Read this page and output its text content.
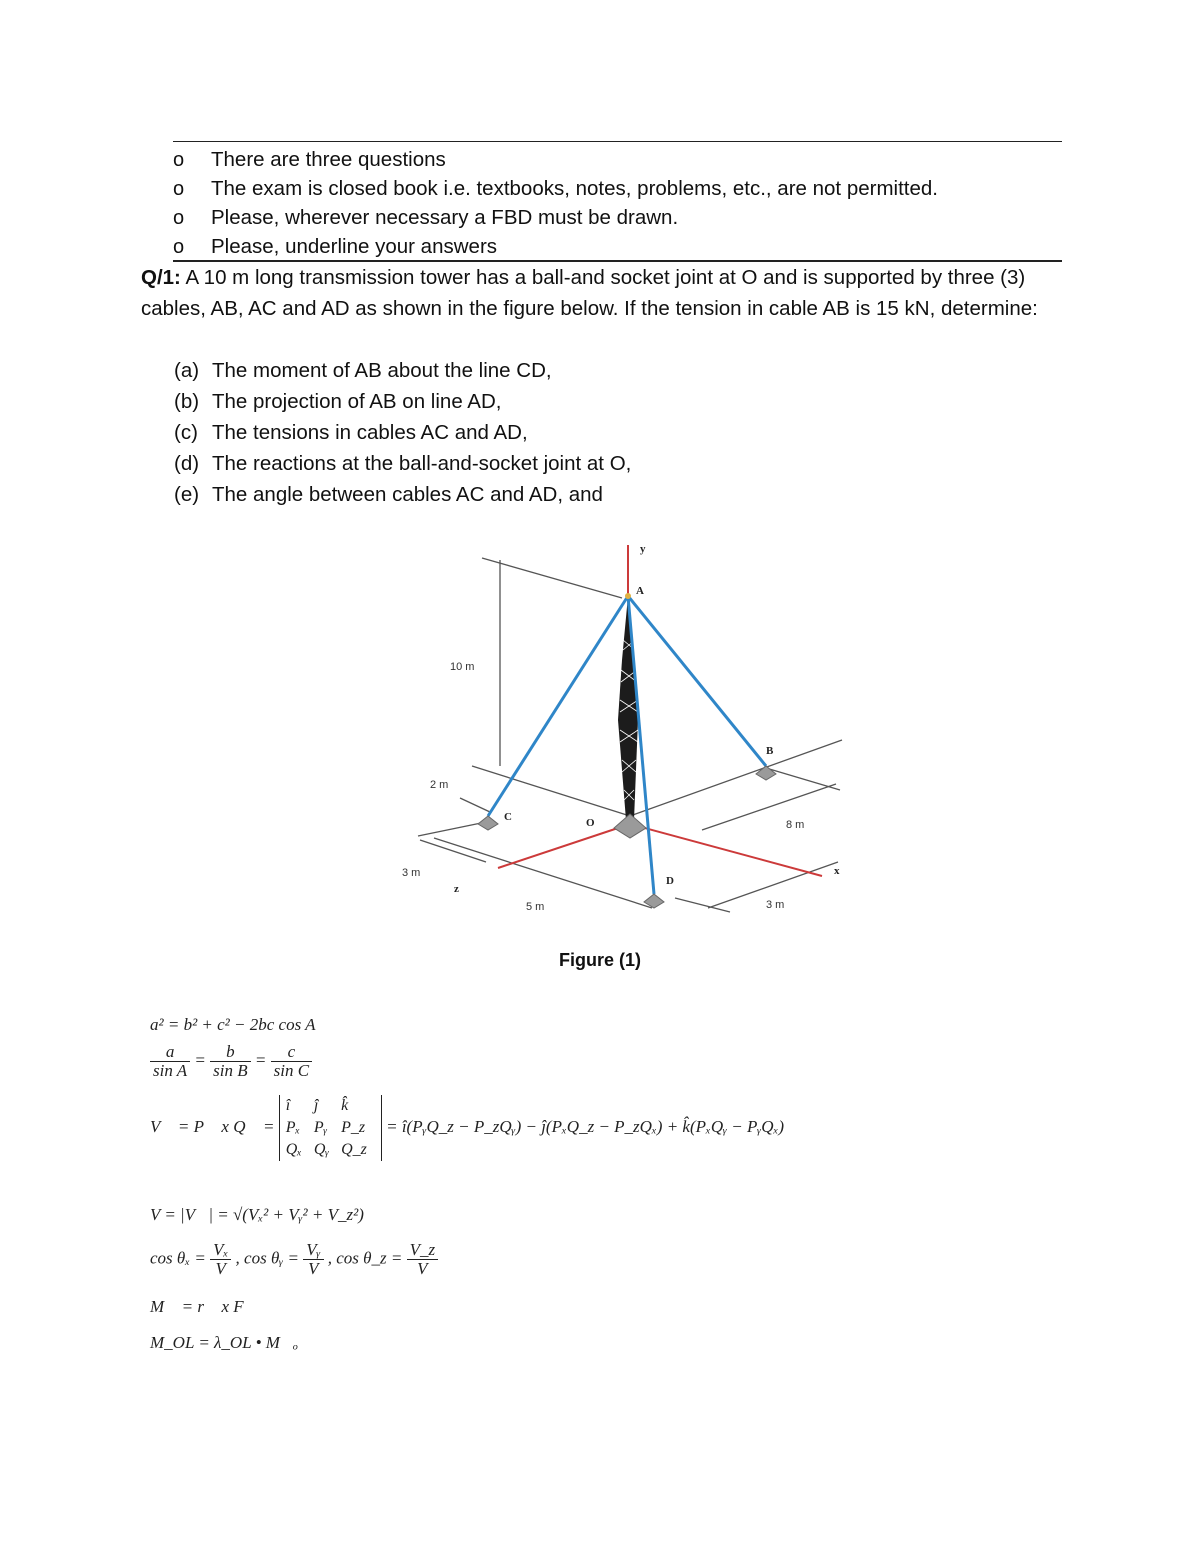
o There are three questions
o The exam is closed book i.e. textbooks, notes, problems, etc., are not permitted.
o Please, wherever necessary a FBD must be drawn.
o Please, underline your answers
Q/1: A 10 m long transmission tower has a ball-and socket joint at O and is supported by three (3) cables, AB, AC and AD as shown in the figure below. If the tension in cable AB is 15 kN, determine:
(a) The moment of AB about the line CD,
(b) The projection of AB on line AD,
(c) The tensions in cables AC and AD,
(d) The reactions at the ball-and-socket joint at O,
(e) The angle between cables AC and AD, and
y
A
B
C	O
D
x
z
10 m
2 m
3 m
5 m
8 m
3 m
Figure (1)
a² = b² + c² − 2bc cos A
$\frac{a}{\text{sin A}} = \frac{b}{\text{sin B}} = \frac{c}{\text{sin C}}$
V⃗ = P⃗ x Q⃗ =
î	ĵ	k̂
Pₓ	Pᵧ	P_z
Qₓ	Qᵧ	Q_z
= î(PᵧQ_z − P_zQᵧ) − ĵ(PₓQ_z − P_zQₓ) + k̂(PₓQᵧ − PᵧQₓ)
V = |V⃗| = √(Vₓ² + Vᵧ² + V_z²)
$\cos \theta_x = \frac{\text{Vₓ}}{V}$ , cos θᵧ = $\frac{\text{Vᵧ}}{V}$ , cos θ_z = $\frac{V\_z}{V}$
M⃗ = r⃗ x F⃗
M_OL = λ_OL • M⃗ₒ
